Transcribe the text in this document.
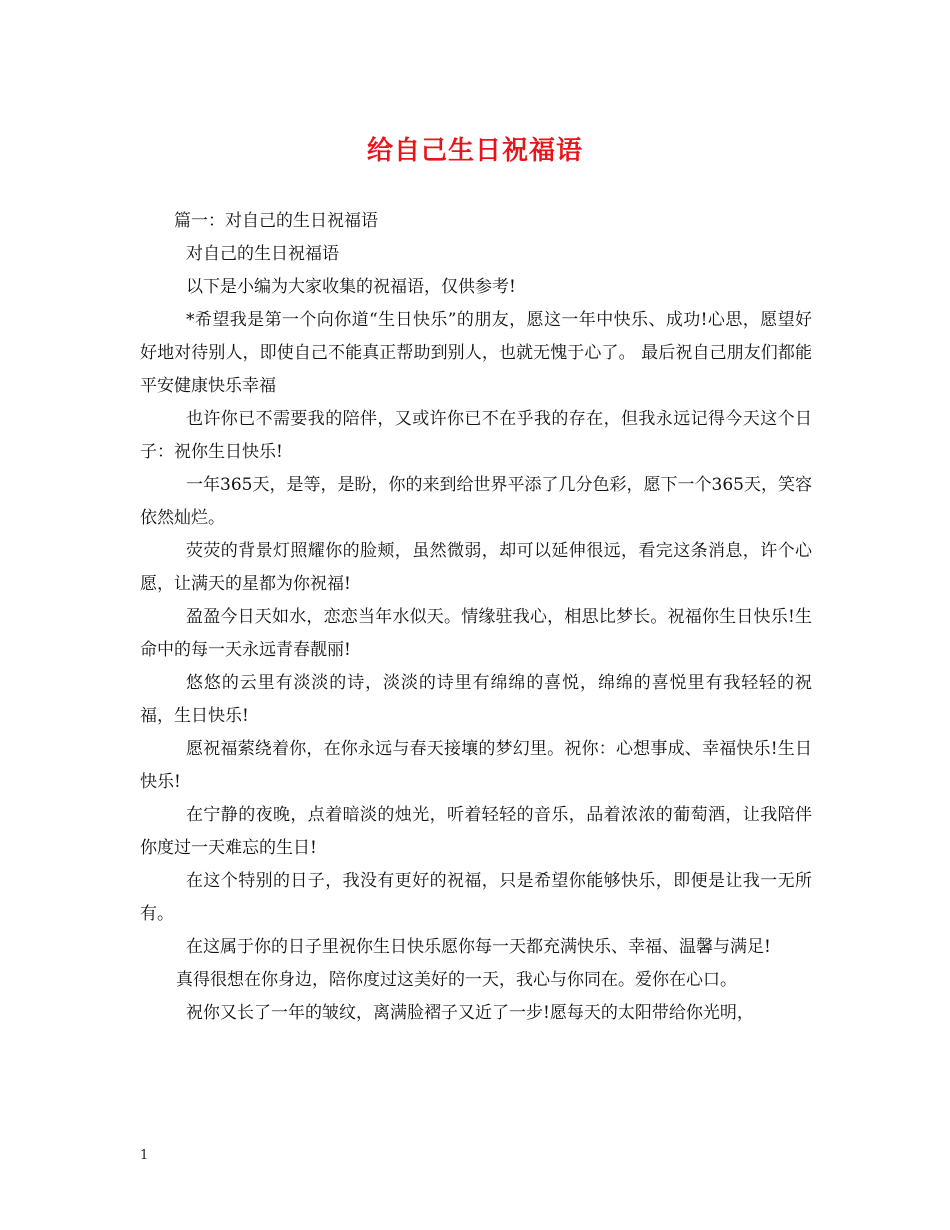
给自己生日祝福语

篇一：对自己的生日祝福语

对自己的生日祝福语

以下是小编为大家收集的祝福语，仅供参考!

*希望我是第一个向你道“生日快乐”的朋友，愿这一年中快乐、成功!心思，愿望好好地对待别人，即使自己不能真正帮助到别人，也就无愧于心了。 最后祝自己朋友们都能平安健康快乐幸福

也许你已不需要我的陪伴，又或许你已不在乎我的存在，但我永远记得今天这个日子：祝你生日快乐!

一年365天，是等，是盼，你的来到给世界平添了几分色彩，愿下一个365天，笑容依然灿烂。

荧荧的背景灯照耀你的脸颊，虽然微弱，却可以延伸很远，看完这条消息，许个心愿，让满天的星都为你祝福!

盈盈今日天如水，恋恋当年水似天。情缘驻我心，相思比梦长。祝福你生日快乐!生命中的每一天永远青春靓丽!

悠悠的云里有淡淡的诗，淡淡的诗里有绵绵的喜悦，绵绵的喜悦里有我轻轻的祝福，生日快乐!

愿祝福萦绕着你，在你永远与春天接壤的梦幻里。祝你：心想事成、幸福快乐!生日快乐!

在宁静的夜晚，点着暗淡的烛光，听着轻轻的音乐，品着浓浓的葡萄酒，让我陪伴你度过一天难忘的生日!

在这个特别的日子，我没有更好的祝福，只是希望你能够快乐，即便是让我一无所有。

在这属于你的日子里祝你生日快乐愿你每一天都充满快乐、幸福、温馨与满足!

真得很想在你身边，陪你度过这美好的一天，我心与你同在。爱你在心口。

祝你又长了一年的皱纹，离满脸褶子又近了一步!愿每天的太阳带给你光明，

1
